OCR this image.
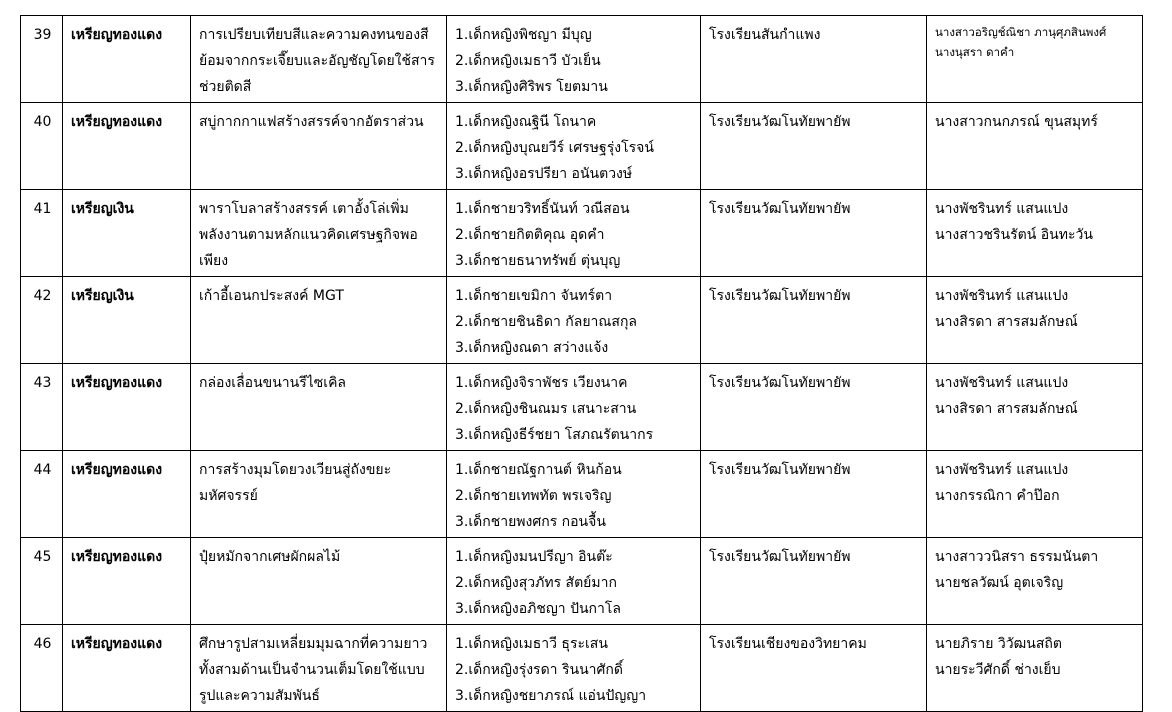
39	เหรียญทองแดง	การเปรียบเทียบสีและความคงทนของสีย้อมจากกระเจี๊ยบและอัญชัญโดยใช้สารช่วยติดสี	1.เด็กหญิงพิชญา มีบุญ
2.เด็กหญิงเมธาวี บัวเย็น
3.เด็กหญิงศิริพร โยตมาน	โรงเรียนสันกำแพง	นางสาวอริญช์ณิชา ภานุศุภสินพงศ์
นางนุสรา ดาคำ

40	เหรียญทองแดง	สบู่กากกาแฟสร้างสรรค์จากอัตราส่วน	1.เด็กหญิงณฐินี โถนาค
2.เด็กหญิงบุณยวีร์ เศรษฐรุ่งโรจน์
3.เด็กหญิงอรปรียา อนันตวงษ์	โรงเรียนวัฒโนทัยพายัพ	นางสาวกนกภรณ์ ขุนสมุทร์

41	เหรียญเงิน	พาราโบลาสร้างสรรค์ เตาอั้งโล่เพิ่มพลังงานตามหลักแนวคิดเศรษฐกิจพอเพียง	1.เด็กชายวริทธิ์นันท์ วณีสอน
2.เด็กชายกิตติคุณ อุดคำ
3.เด็กชายธนาทรัพย์ ตุ่นบุญ	โรงเรียนวัฒโนทัยพายัพ	นางพัชรินทร์ แสนแปง
นางสาวชรินรัตน์ อินทะวัน

42	เหรียญเงิน	เก้าอี้เอนกประสงค์ MGT	1.เด็กชายเขมิกา จันทร์ตา
2.เด็กชายชินธิดา กัลยาณสกุล
3.เด็กหญิงณดา สว่างแจ้ง	โรงเรียนวัฒโนทัยพายัพ	นางพัชรินทร์ แสนแปง
นางสิรดา สารสมลักษณ์

43	เหรียญทองแดง	กล่องเลื่อนขนานรีไซเคิล	1.เด็กหญิงจิราพัชร เวียงนาค
2.เด็กหญิงชินณมร เสนาะสาน
3.เด็กหญิงธีร์ชยา โสภณรัตนากร	โรงเรียนวัฒโนทัยพายัพ	นางพัชรินทร์ แสนแปง
นางสิรดา สารสมลักษณ์

44	เหรียญทองแดง	การสร้างมุมโดยวงเวียนสู่ถังขยะมหัศจรรย์	1.เด็กชายณัฐกานต์ หินก้อน
2.เด็กชายเทพทัต พรเจริญ
3.เด็กชายพงศกร กอนจื้น	โรงเรียนวัฒโนทัยพายัพ	นางพัชรินทร์ แสนแปง
นางกรรณิกา คำป๊อก

45	เหรียญทองแดง	ปุ๋ยหมักจากเศษผักผลไม้	1.เด็กหญิงมนปรีญา อินต๊ะ
2.เด็กหญิงสุวภัทร สัตย์มาก
3.เด็กหญิงอภิชญา ปันกาโล	โรงเรียนวัฒโนทัยพายัพ	นางสาววนิสรา ธรรมนันตา
นายชลวัฒน์ อุตเจริญ

46	เหรียญทองแดง	ศึกษารูปสามเหลี่ยมมุมฉากที่ความยาวทั้งสามด้านเป็นจำนวนเต็มโดยใช้แบบรูปและความสัมพันธ์	1.เด็กหญิงเมธาวี ธุระเสน
2.เด็กหญิงรุ่งรดา รินนาศักดิ์
3.เด็กหญิงชยาภรณ์ แอ่นปัญญา	โรงเรียนเชียงของวิทยาคม	นายภิราย วิวัฒนสถิต
นายระวีศักดิ์ ช่างเย็บ
